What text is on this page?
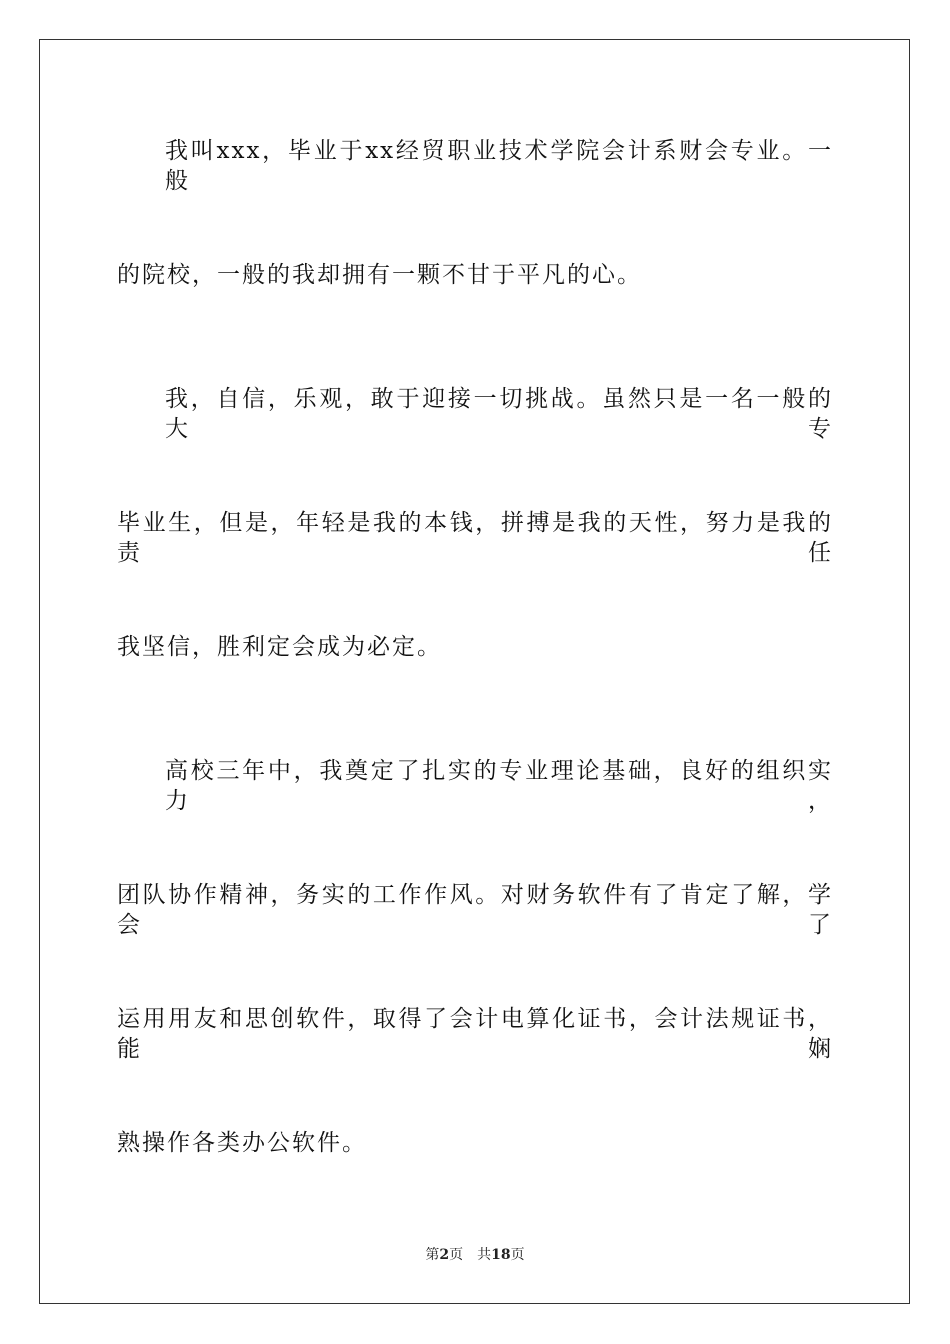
我叫xxx，毕业于xx经贸职业技术学院会计系财会专业。一般
的院校，一般的我却拥有一颗不甘于平凡的心。
我，自信，乐观，敢于迎接一切挑战。虽然只是一名一般的大专
毕业生，但是，年轻是我的本钱，拼搏是我的天性，努力是我的责任
我坚信，胜利定会成为必定。
高校三年中，我奠定了扎实的专业理论基础，良好的组织实力，
团队协作精神，务实的工作作风。对财务软件有了肯定了解，学会了
运用用友和思创软件，取得了会计电算化证书，会计法规证书，能娴
熟操作各类办公软件。
第2页 共18页
